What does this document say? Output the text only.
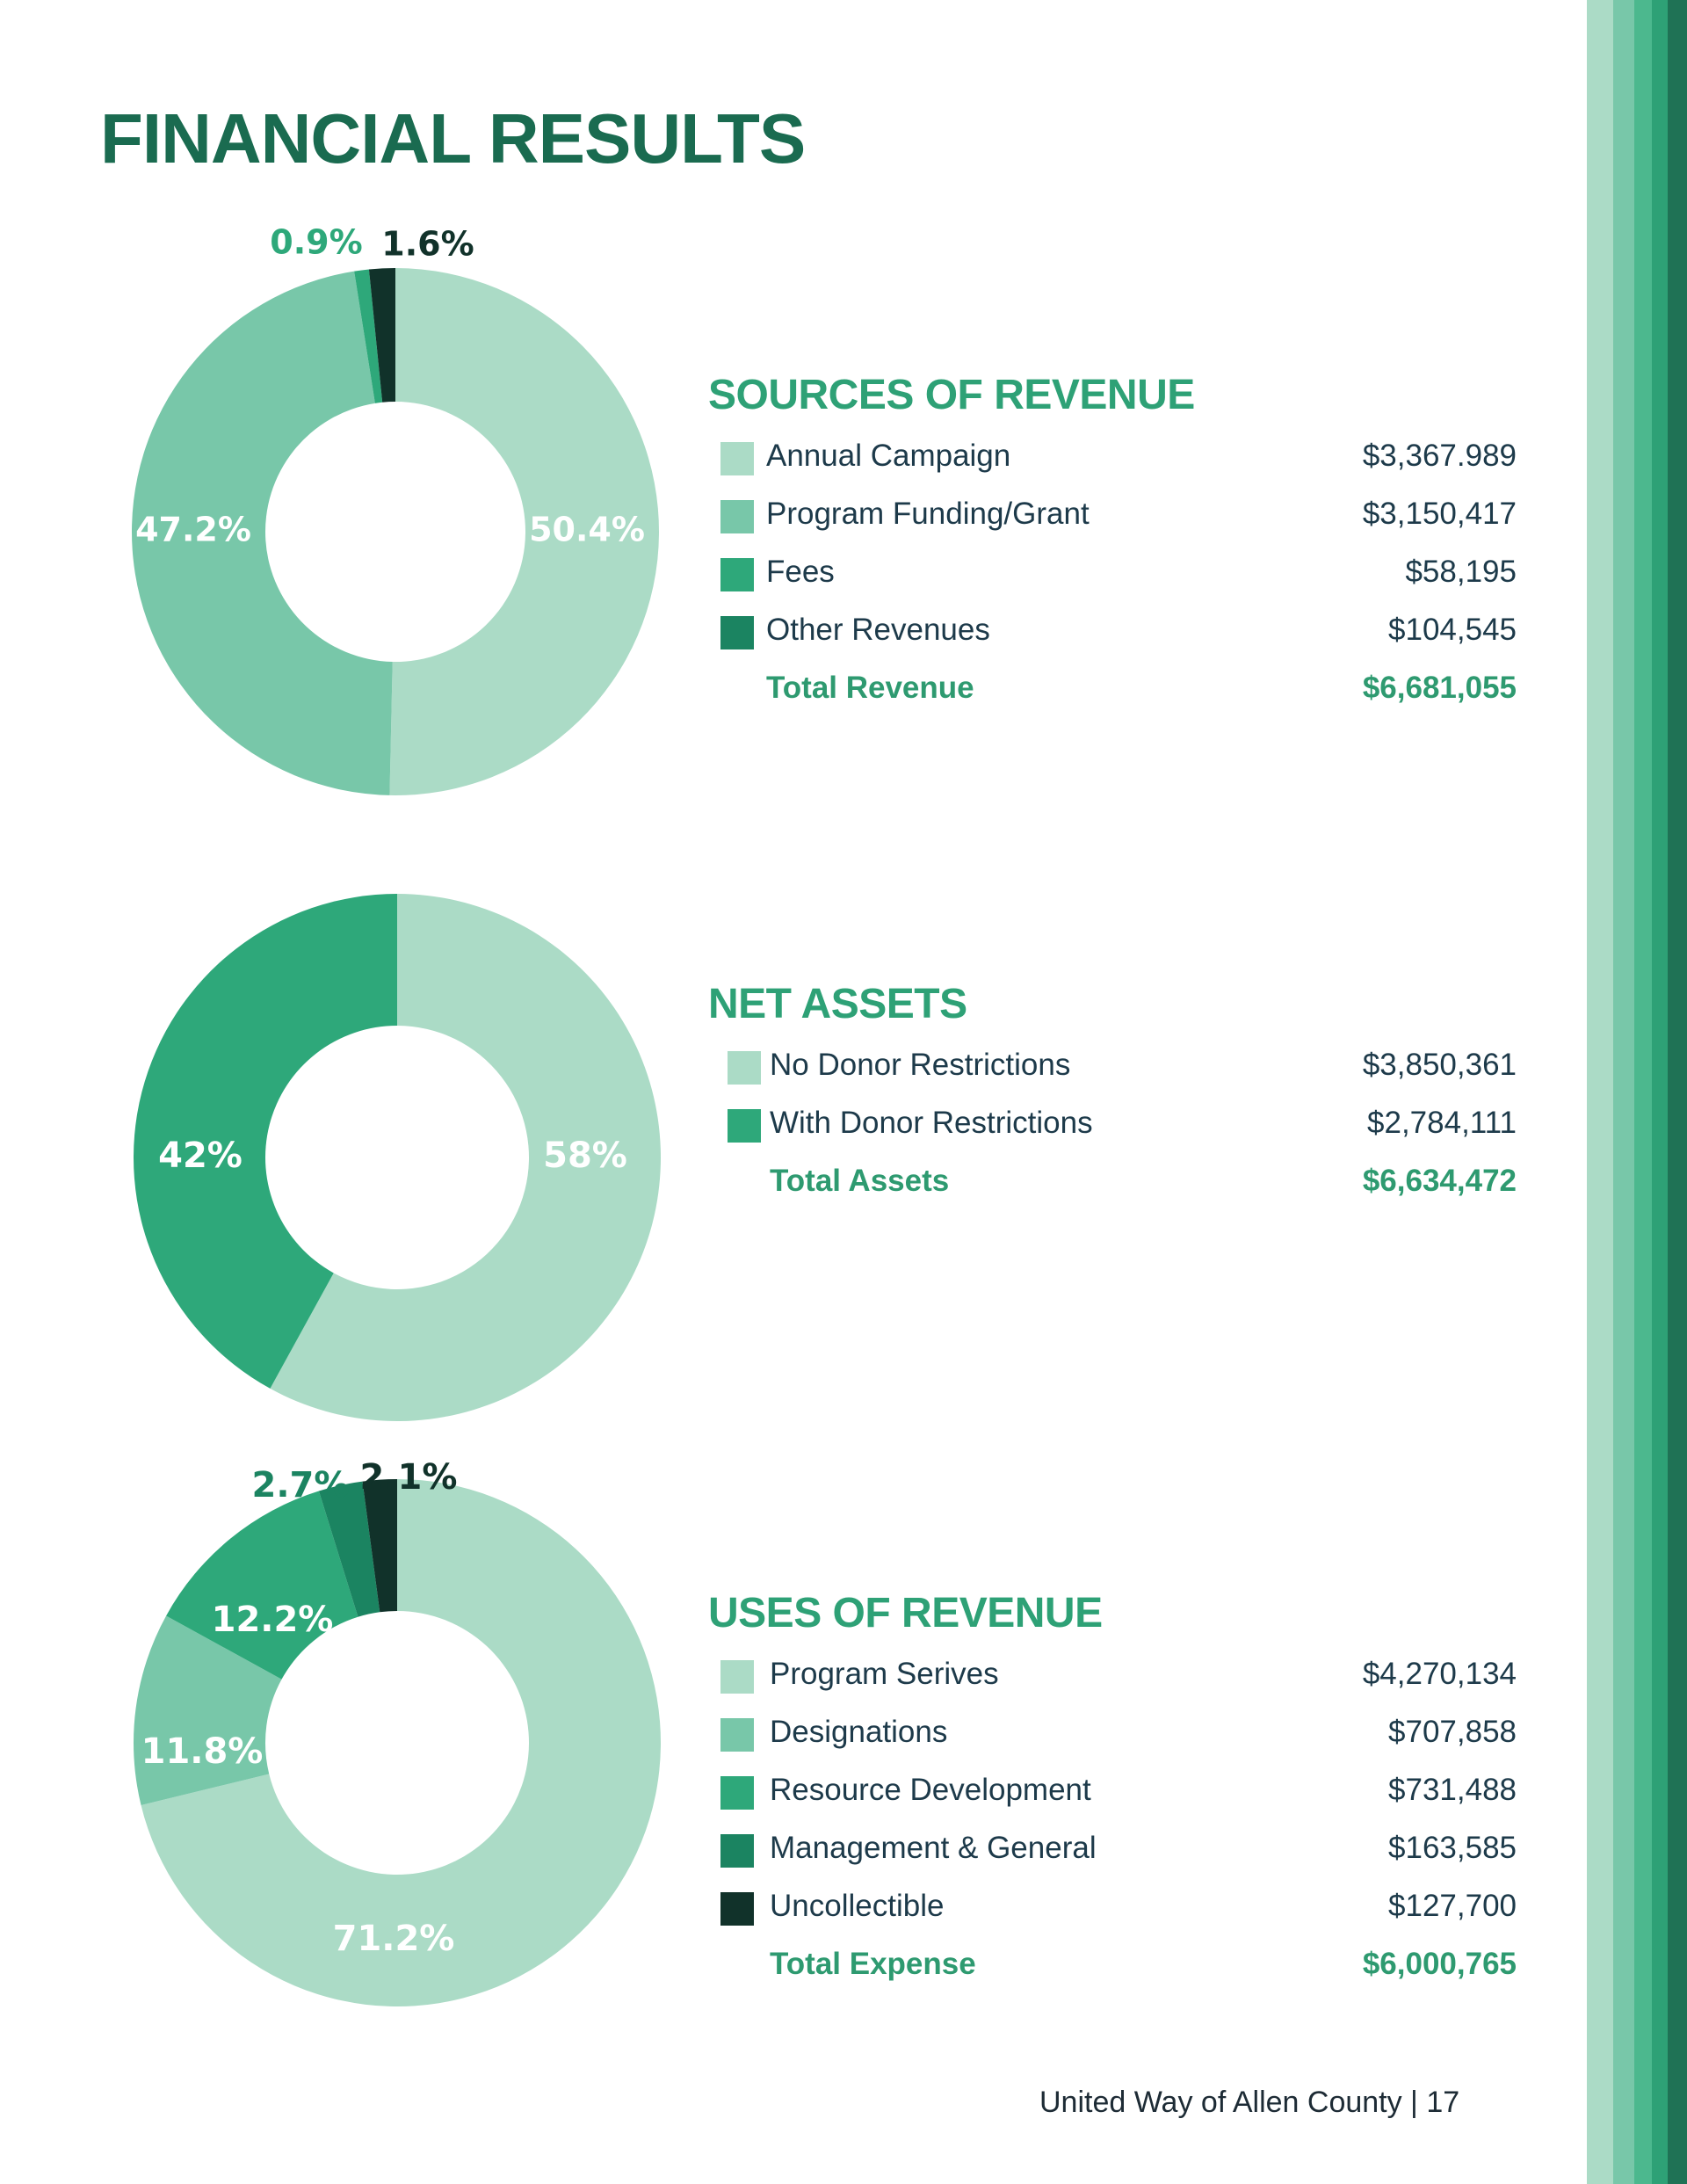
FINANCIAL RESULTS
50.4%
47.2%
0.9% 1.6%
SOURCES OF REVENUE
Annual Campaign	$3,367.989
Program Funding/Grant	$3,150,417
Fees	$58,195
Other Revenues	$104,545
Total Revenue	$6,681,055
58%
42%
NET ASSETS
No Donor Restrictions	$3,850,361
With Donor Restrictions	$2,784,111
Total Assets	$6,634,472
71.2%
11.8%
12.2%
2.7% 2.1%
USES OF REVENUE
Program Serives	$4,270,134
Designations	$707,858
Resource Development	$731,488
Management & General	$163,585
Uncollectible	$127,700
Total Expense	$6,000,765
United Way of Allen County | 17
